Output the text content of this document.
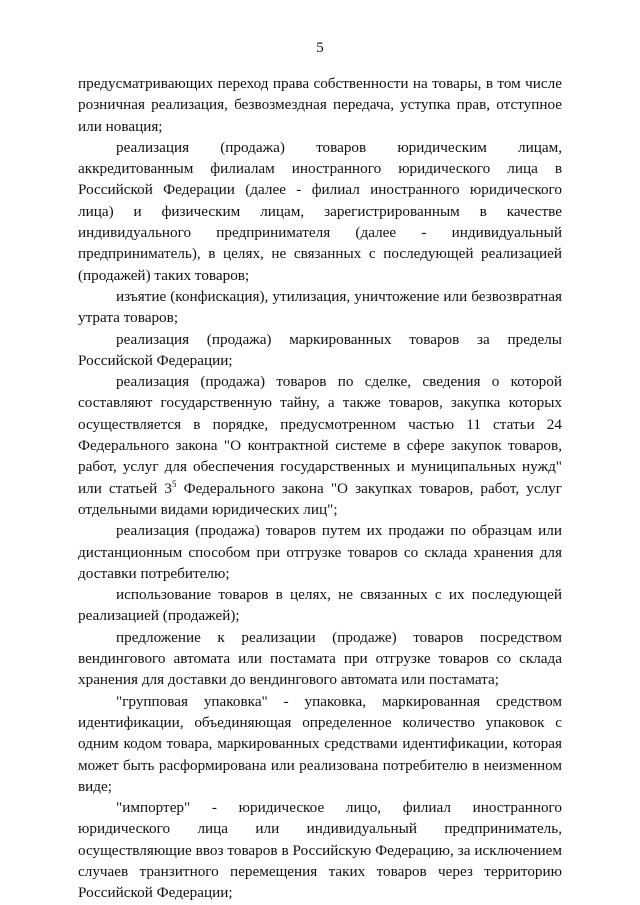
5

предусматривающих переход права собственности на товары, в том числе розничная реализация, безвозмездная передача, уступка прав, отступное или новация;

реализация (продажа) товаров юридическим лицам, аккредитованным филиалам иностранного юридического лица в Российской Федерации (далее - филиал иностранного юридического лица) и физическим лицам, зарегистрированным в качестве индивидуального предпринимателя (далее - индивидуальный предприниматель), в целях, не связанных с последующей реализацией (продажей) таких товаров;

изъятие (конфискация), утилизация, уничтожение или безвозвратная утрата товаров;

реализация (продажа) маркированных товаров за пределы Российской Федерации;

реализация (продажа) товаров по сделке, сведения о которой составляют государственную тайну, а также товаров, закупка которых осуществляется в порядке, предусмотренном частью 11 статьи 24 Федерального закона "О контрактной системе в сфере закупок товаров, работ, услуг для обеспечения государственных и муниципальных нужд" или статьей $3^5$ Федерального закона "О закупках товаров, работ, услуг отдельными видами юридических лиц";

реализация (продажа) товаров путем их продажи по образцам или дистанционным способом при отгрузке товаров со склада хранения для доставки потребителю;

использование товаров в целях, не связанных с их последующей реализацией (продажей);

предложение к реализации (продаже) товаров посредством вендингового автомата или постамата при отгрузке товаров со склада хранения для доставки до вендингового автомата или постамата;

"групповая упаковка" - упаковка, маркированная средством идентификации, объединяющая определенное количество упаковок с одним кодом товара, маркированных средствами идентификации, которая может быть расформирована или реализована потребителю в неизменном виде;

"импортер" - юридическое лицо, филиал иностранного юридического лица или индивидуальный предприниматель, осуществляющие ввоз товаров в Российскую Федерацию, за исключением случаев транзитного перемещения таких товаров через территорию Российской Федерации;
